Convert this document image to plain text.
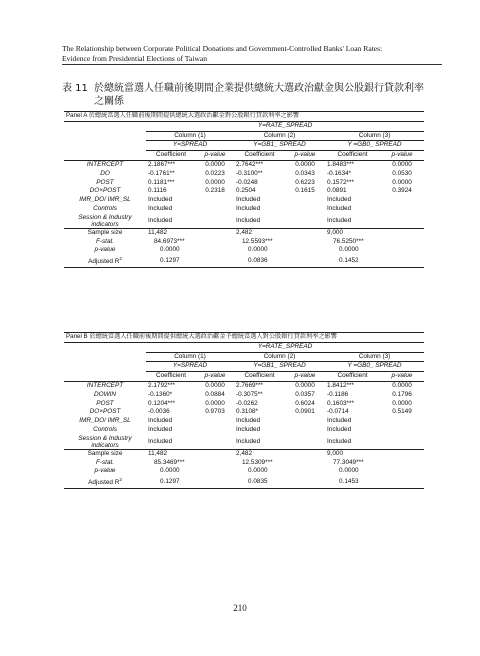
The Relationship between Corporate Political Donations and Government-Controlled Banks' Loan Rates:
Evidence from Presidential Elections of Taiwan
表 11 於總統當選人任職前後期間企業提供總統大選政治獻金與公股銀行貸款利率
之關係
Panel A 於總統當選人任職前後期間提供總統大選政治獻金對公股銀行貸款利率之影響						
	Y=RATE_SPREAD					
	Column (1)		Column (2)		Column (3)	
	Y=SPREAD		Y=GB1_ SPREAD		Y =GB0_ SPREAD	
	Coefficient	p-value	Coefficient	p-value	Coefficient	p-value
INTERCEPT	2.1867***	0.0000	2.7642***	0.0000	1.8483***	0.0000
DO	-0.1761**	0.0223	-0.3100**	0.0343	-0.1634*	0.0530
POST	0.1181***	0.0000	-0.0248	0.6223	0.1572***	0.0000
DO×POST	0.1116	0.2318	0.2504	0.1615	0.0891	0.3924
IMR_DO/ IMR_SL	Included		Included		Included	
Controls	Included		Included		Included	
Session & Industry indicators	Included		Included		Included	
Sample size	11,482		2,482		9,000	
F-stat.	84.6973***		12.5593***		76.5250***	
p-value	0.0000		0.0000		0.0000	
Adjusted $R^2$	0.1297		0.0836		0.1452	
Panel B 於總統當選人任職前後期間提供總統大選政治獻金予總統當選人對公股銀行貸款利率之影響						
	Y=RATE_SPREAD					
	Column (1)		Column (2)		Column (3)	
	Y=SPREAD		Y=GB1_ SPREAD		Y =GB0_ SPREAD	
	Coefficient	p-value	Coefficient	p-value	Coefficient	p-value
INTERCEPT	2.1792***	0.0000	2.7669***	0.0000	1.8412***	0.0000
DOWIN	-0.1360*	0.0884	-0.3075**	0.0357	-0.1186	0.1796
POST	0.1204***	0.0000	-0.0262	0.6024	0.1603***	0.0000
DO×POST	-0.0036	0.9703	0.3108*	0.0901	-0.0714	0.5149
IMR_DO/ IMR_SL	Included		Included		Included	
Controls	Included		Included		Included	
Session & Industry indicators	Included		Included		Included	
Sample size	11,482		2,482		9,000	
F-stat.	85.3469***		12.5309***		77.3049***	
p-value	0.0000		0.0000		0.0000	
Adjusted $R^2$	0.1297		0.0835		0.1453	
210
